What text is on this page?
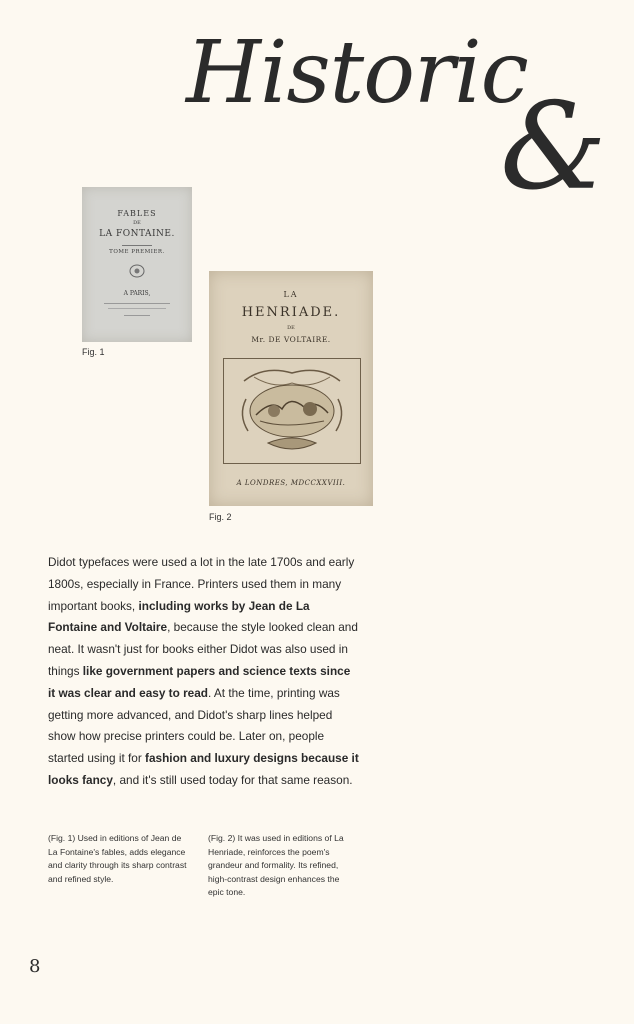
Historic
&
FABLES
DE
LA FONTAINE.
TOME PREMIER.
A PARIS,
Fig. 1
LA
HENRIADE.
DE
Mr. DE VOLTAIRE.
A LONDRES, MDCCXXVIII.
Fig. 2
Didot typefaces were used a lot in the late 1700s and early 1800s, especially in France. Printers used them in many important books, including works by Jean de La Fontaine and Voltaire, because the style looked clean and neat. It wasn't just for books either Didot was also used in things like government papers and science texts since it was clear and easy to read. At the time, printing was getting more advanced, and Didot's sharp lines helped show how precise printers could be. Later on, people started using it for fashion and luxury designs because it looks fancy, and it's still used today for that same reason.
(Fig. 1) Used in editions of Jean de La Fontaine's fables, adds elegance and clarity through its sharp contrast and refined style.
(Fig. 2) It was used in editions of La Henriade, reinforces the poem's grandeur and formality. Its refined, high-contrast design enhances the epic tone.
8
